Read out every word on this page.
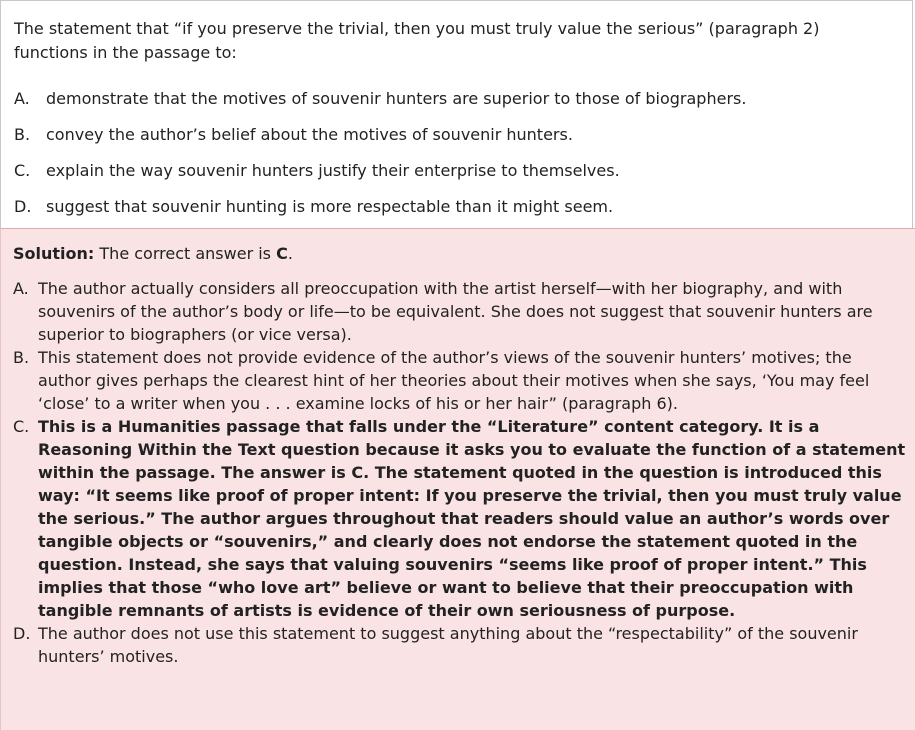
The statement that “if you preserve the trivial, then you must truly value the serious” (paragraph 2) functions in the passage to:

A.	demonstrate that the motives of souvenir hunters are superior to those of biographers.
B. convey the author’s belief about the motives of souvenir hunters.
C. explain the way souvenir hunters justify their enterprise to themselves.
D. suggest that souvenir hunting is more respectable than it might seem.

Solution: The correct answer is C.

A. The author actually considers all preoccupation with the artist herself—with her biography, and with souvenirs of the author’s body or life—to be equivalent. She does not suggest that souvenir hunters are superior to biographers (or vice versa).
B. This statement does not provide evidence of the author’s views of the souvenir hunters’ motives; the author gives perhaps the clearest hint of her theories about their motives when she says, ‘You may feel ‘close’ to a writer when you . . . examine locks of his or her hair” (paragraph 6).
C. This is a Humanities passage that falls under the “Literature” content category. It is a Reasoning Within the Text question because it asks you to evaluate the function of a statement within the passage. The answer is C. The statement quoted in the question is introduced this way: “It seems like proof of proper intent: If you preserve the trivial, then you must truly value the serious.” The author argues throughout that readers should value an author’s words over tangible objects or “souvenirs,” and clearly does not endorse the statement quoted in the question. Instead, she says that valuing souvenirs “seems like proof of proper intent.” This implies that those “who love art” believe or want to believe that their preoccupation with tangible remnants of artists is evidence of their own seriousness of purpose.
D. The author does not use this statement to suggest anything about the “respectability” of the souvenir hunters’ motives.
